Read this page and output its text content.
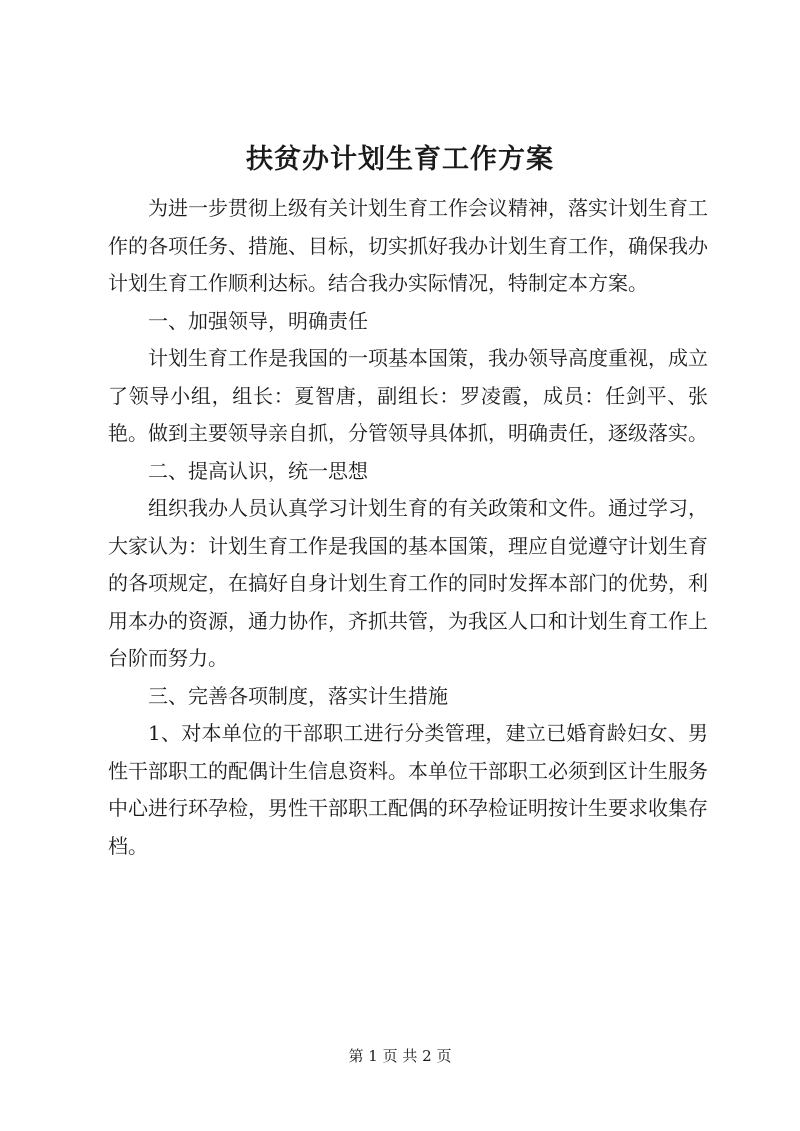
扶贫办计划生育工作方案

为进一步贯彻上级有关计划生育工作会议精神，落实计划生育工作的各项任务、措施、目标，切实抓好我办计划生育工作，确保我办计划生育工作顺利达标。结合我办实际情况，特制定本方案。

一、加强领导，明确责任

计划生育工作是我国的一项基本国策，我办领导高度重视，成立了领导小组，组长：夏智唐，副组长：罗凌霞，成员：任剑平、张艳。做到主要领导亲自抓，分管领导具体抓，明确责任，逐级落实。

二、提高认识，统一思想

组织我办人员认真学习计划生育的有关政策和文件。通过学习，大家认为：计划生育工作是我国的基本国策，理应自觉遵守计划生育的各项规定，在搞好自身计划生育工作的同时发挥本部门的优势，利用本办的资源，通力协作，齐抓共管，为我区人口和计划生育工作上台阶而努力。

三、完善各项制度，落实计生措施

1、对本单位的干部职工进行分类管理，建立已婚育龄妇女、男性干部职工的配偶计生信息资料。本单位干部职工必须到区计生服务中心进行环孕检，男性干部职工配偶的环孕检证明按计生要求收集存档。

第 1 页 共 2 页
